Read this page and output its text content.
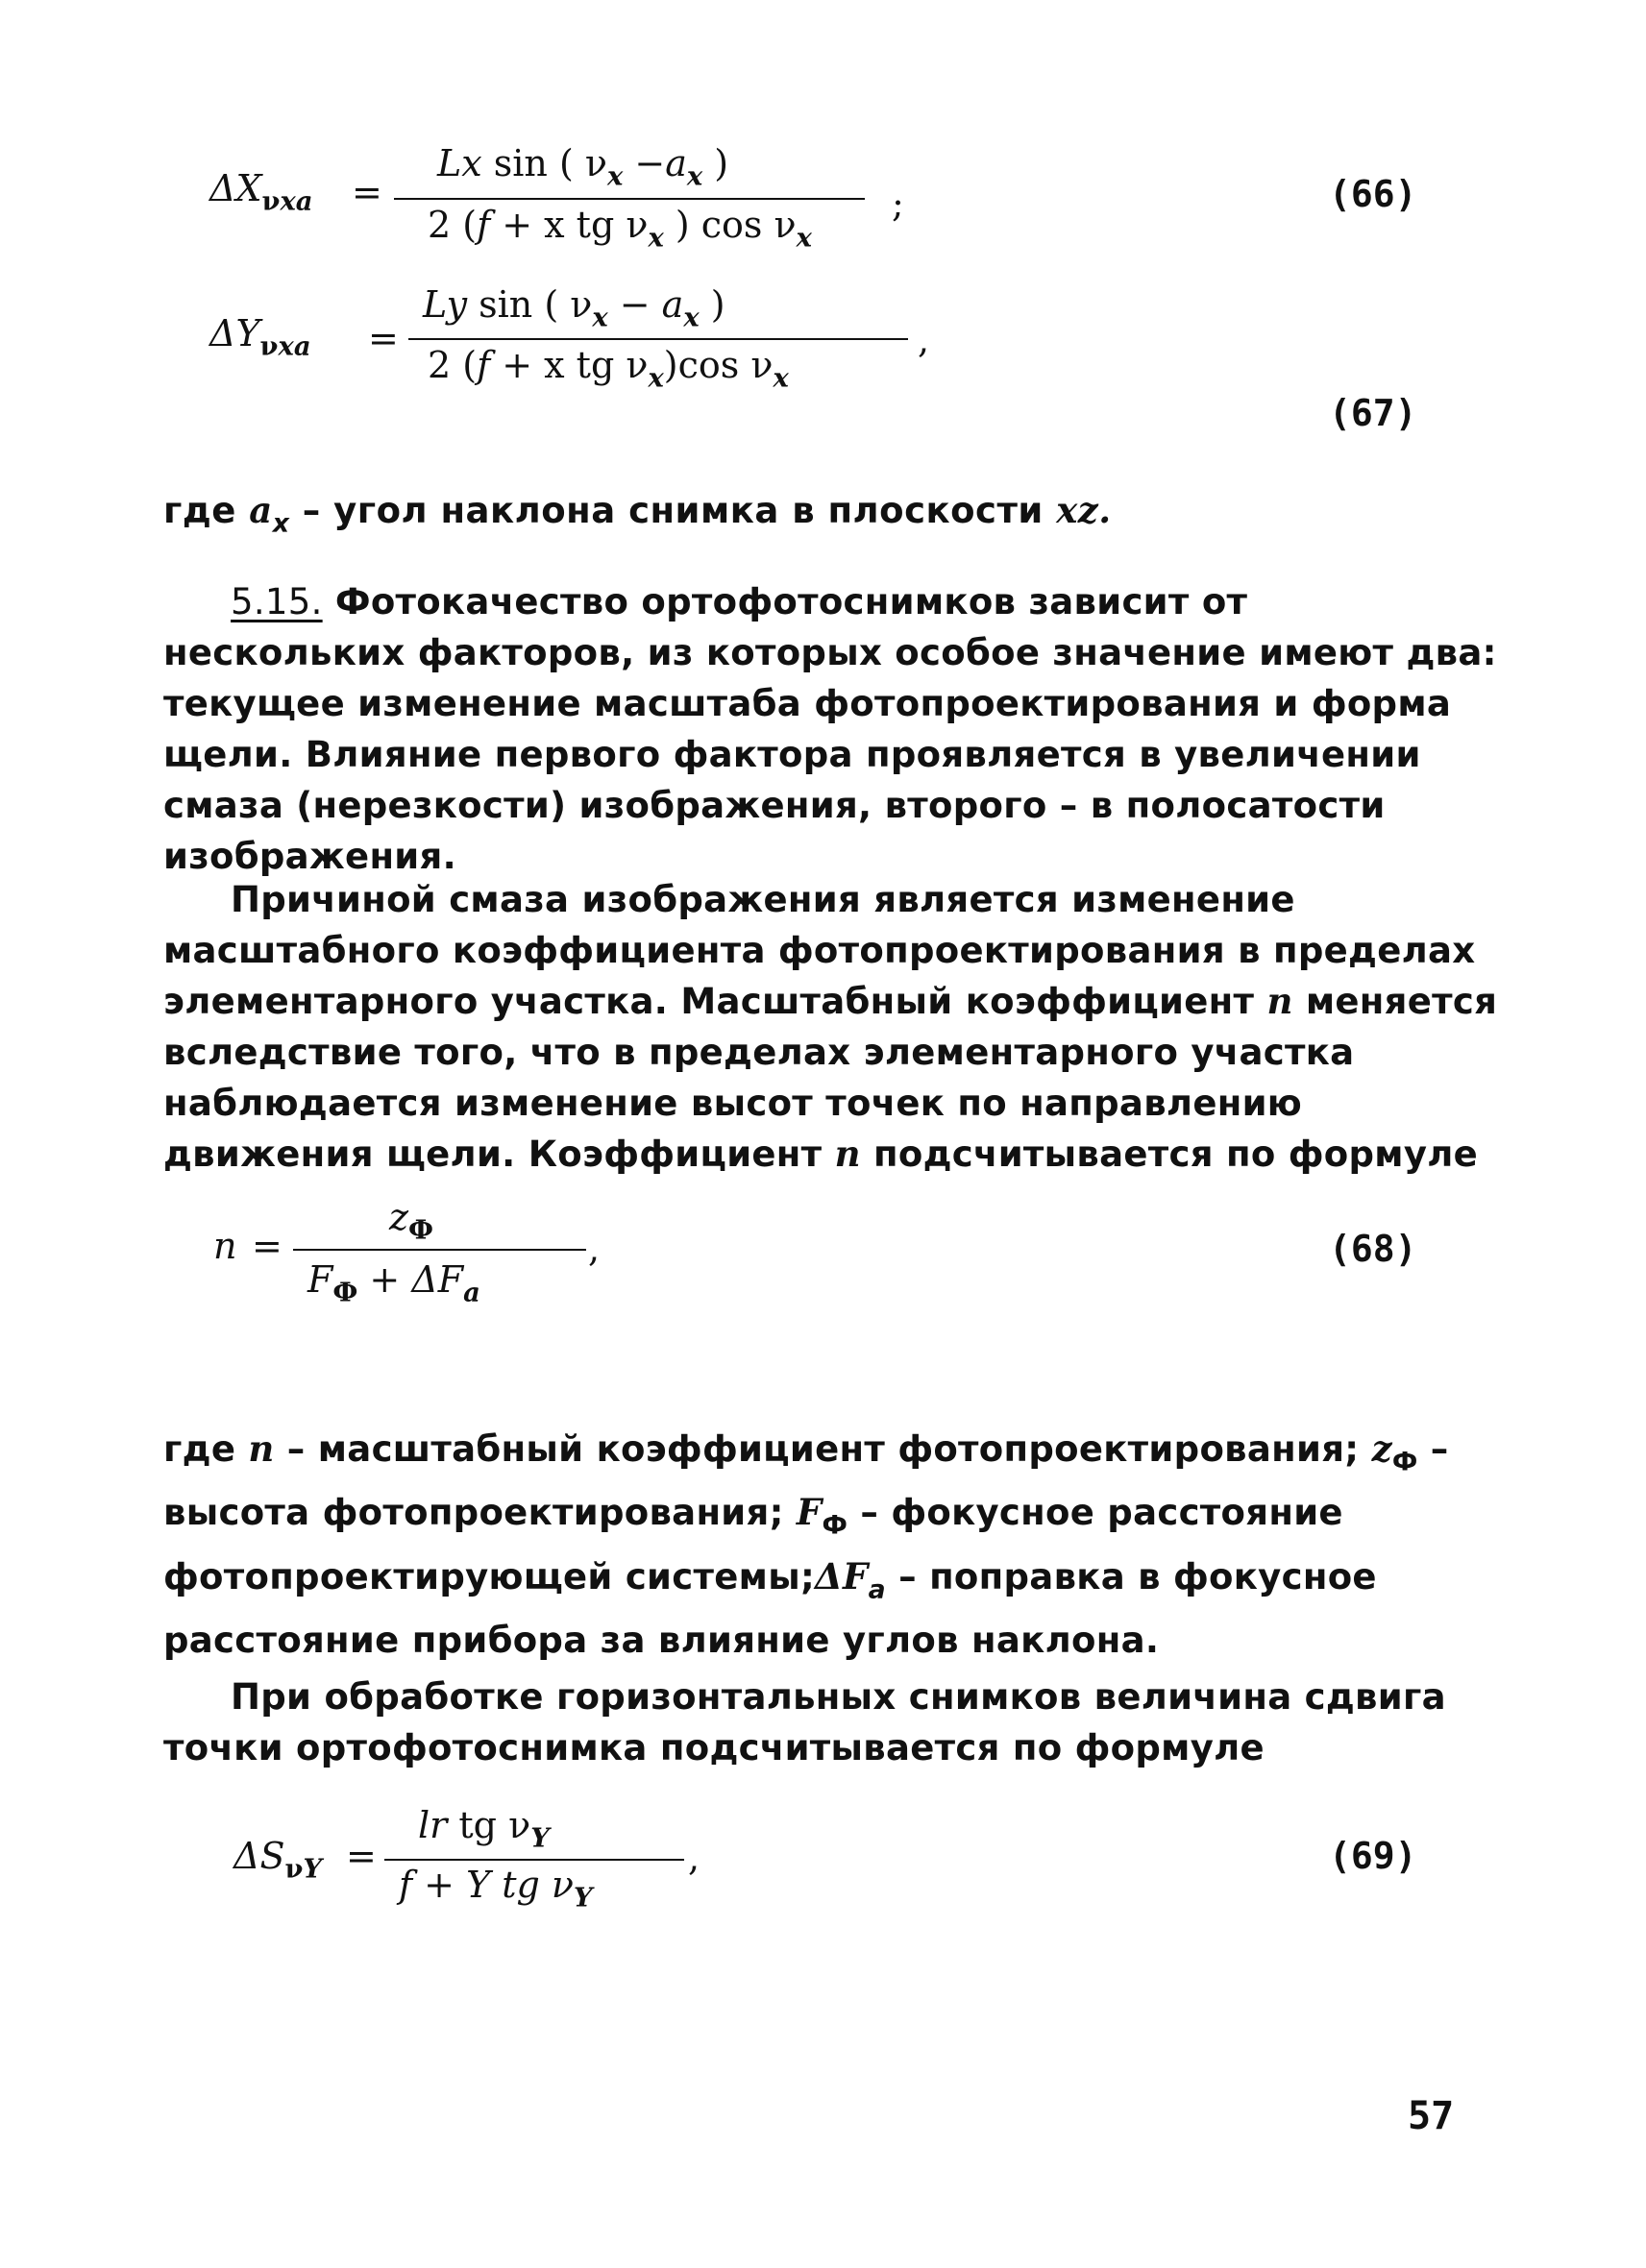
$\Delta X_{\nu xa}$ =
Lx sin ( $\nu_x -a_x$ )
2 (f + x tg $\nu_x$ ) $\cos \nu_x$
;	(66)
$\Delta Y_{\nu xa}$ =
Ly sin ( $\nu_x - a_x$ )
2 (f + x tg $\nu_x)\cos$ $\nu_x$
,
(67)
где $a_x$ – угол наклона снимка в плоскости xz.
5.15. Фотокачество ортофотоснимков зависит от нескольких факторов, из которых особое значение имеют два: текущее изменение масштаба фотопроектирования и форма щели. Влияние первого фактора проявляется в увеличении смаза (нерезкости) изображения, второго – в полосатости изображения.
Причиной смаза изображения является изменение масштабного коэффициента фотопроектирования в пределах элементарного участка. Масштабный коэффициент n меняется вследствие того, что в пределах элементарного участка наблюдается изменение высот точек по направлению движения щели. Коэффициент n подсчитывается по формуле
n =
$z_Ф$
$F_Ф + \Delta F_a$
,	(68)
где n – масштабный коэффициент фотопроектирования; $z_Ф$ – высота фотопроектирования; $F_Ф$ – фокусное расстояние фотопроектирующей $системы;\Delta F_a$ – поправка в фокусное расстояние прибора за влияние углов наклона.
При обработке горизонтальных снимков величина сдвига точки ортофотоснимка подсчитывается по формуле
$\Delta S_{\nu Y}$ =
lr tg $\nu_Y$
f + Y tg $\nu_Y$
,	(69)
57
